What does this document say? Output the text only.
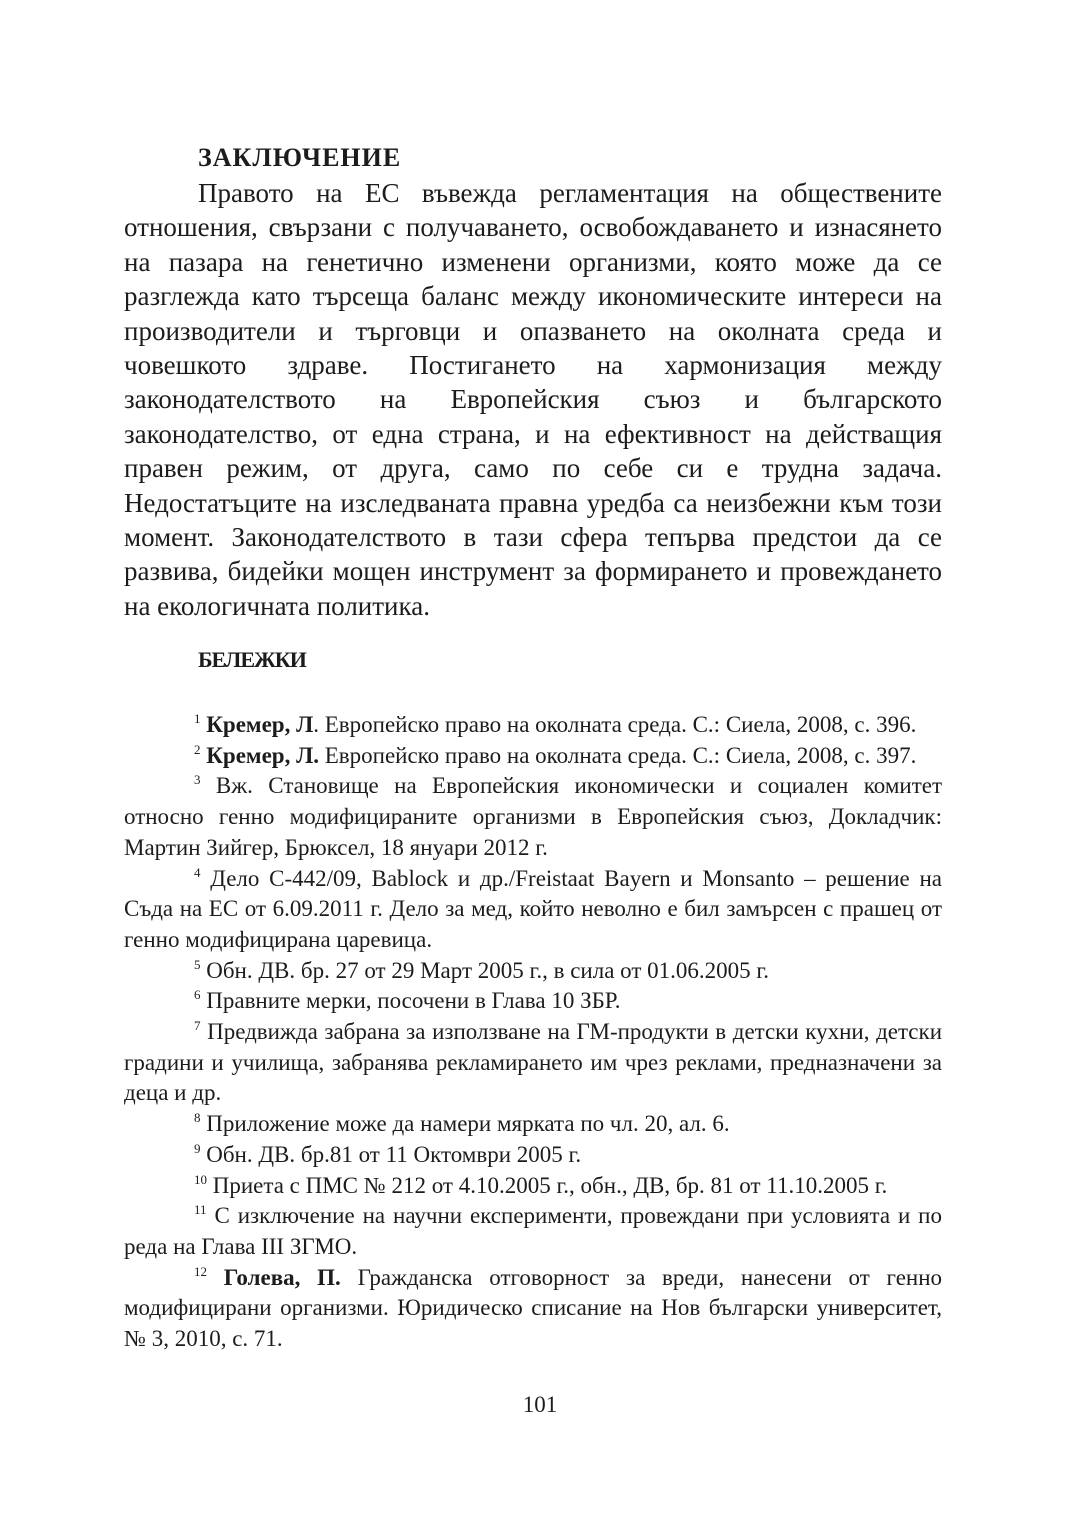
ЗАКЛЮЧЕНИЕ

Правото на ЕС въвежда регламентация на обществените отношения, свързани с получаването, освобождаването и изнасянето на пазара на генетично изменени организми, която може да се разглежда като търсеща баланс между икономическите интереси на производители и търговци и опазването на околната среда и човешкото здраве. Постигането на хармонизация между законодателството на Европейския съюз и българското законодателство, от една страна, и на ефективност на действащия правен режим, от друга, само по себе си е трудна задача. Недостатъците на изследваната правна уредба са неизбежни към този момент. Законодателството в тази сфера тепърва предстои да се развива, бидейки мощен инструмент за формирането и провеждането на екологичната политика.

БЕЛЕЖКИ

$^1$ Кремер, Л. Европейско право на околната среда. С.: Сиела, 2008, с. 396.

$^2$ Кремер, Л. Европейско право на околната среда. С.: Сиела, 2008, с. 397.

$^3$ Вж. Становище на Европейския икономически и социален комитет относно генно модифицираните организми в Европейския съюз, Докладчик: Мартин Зийгер, Брюксел, 18 януари 2012 г.

$^4$ Дело C-442/09, Bablock и др./Freistaat Bayern и Monsanto – решение на Съда на ЕС от 6.09.2011 г. Дело за мед, който неволно е бил замърсен с прашец от генно модифицирана царевица.

$^5$ Обн. ДВ. бр. 27 от 29 Март 2005 г., в сила от 01.06.2005 г.

$^6$ Правните мерки, посочени в Глава 10 ЗБР.

$^7$ Предвижда забрана за използване на ГМ-продукти в детски кухни, детски градини и училища, забранява рекламирането им чрез реклами, предназначени за деца и др.

$^8$ Приложение може да намери мярката по чл. 20, ал. 6.

$^9$ Обн. ДВ. бр.81 от 11 Октомври 2005 г.

$^{10}$ Приета с ПМС № 212 от 4.10.2005 г., обн., ДВ, бр. 81 от 11.10.2005 г.

$^{11}$ С изключение на научни експерименти, провеждани при условията и по реда на Глава III ЗГМО.

$^{12}$ Голева, П. Гражданска отговорност за вреди, нанесени от генно модифицирани организми. Юридическо списание на Нов български университет, № 3, 2010, с. 71.

101
